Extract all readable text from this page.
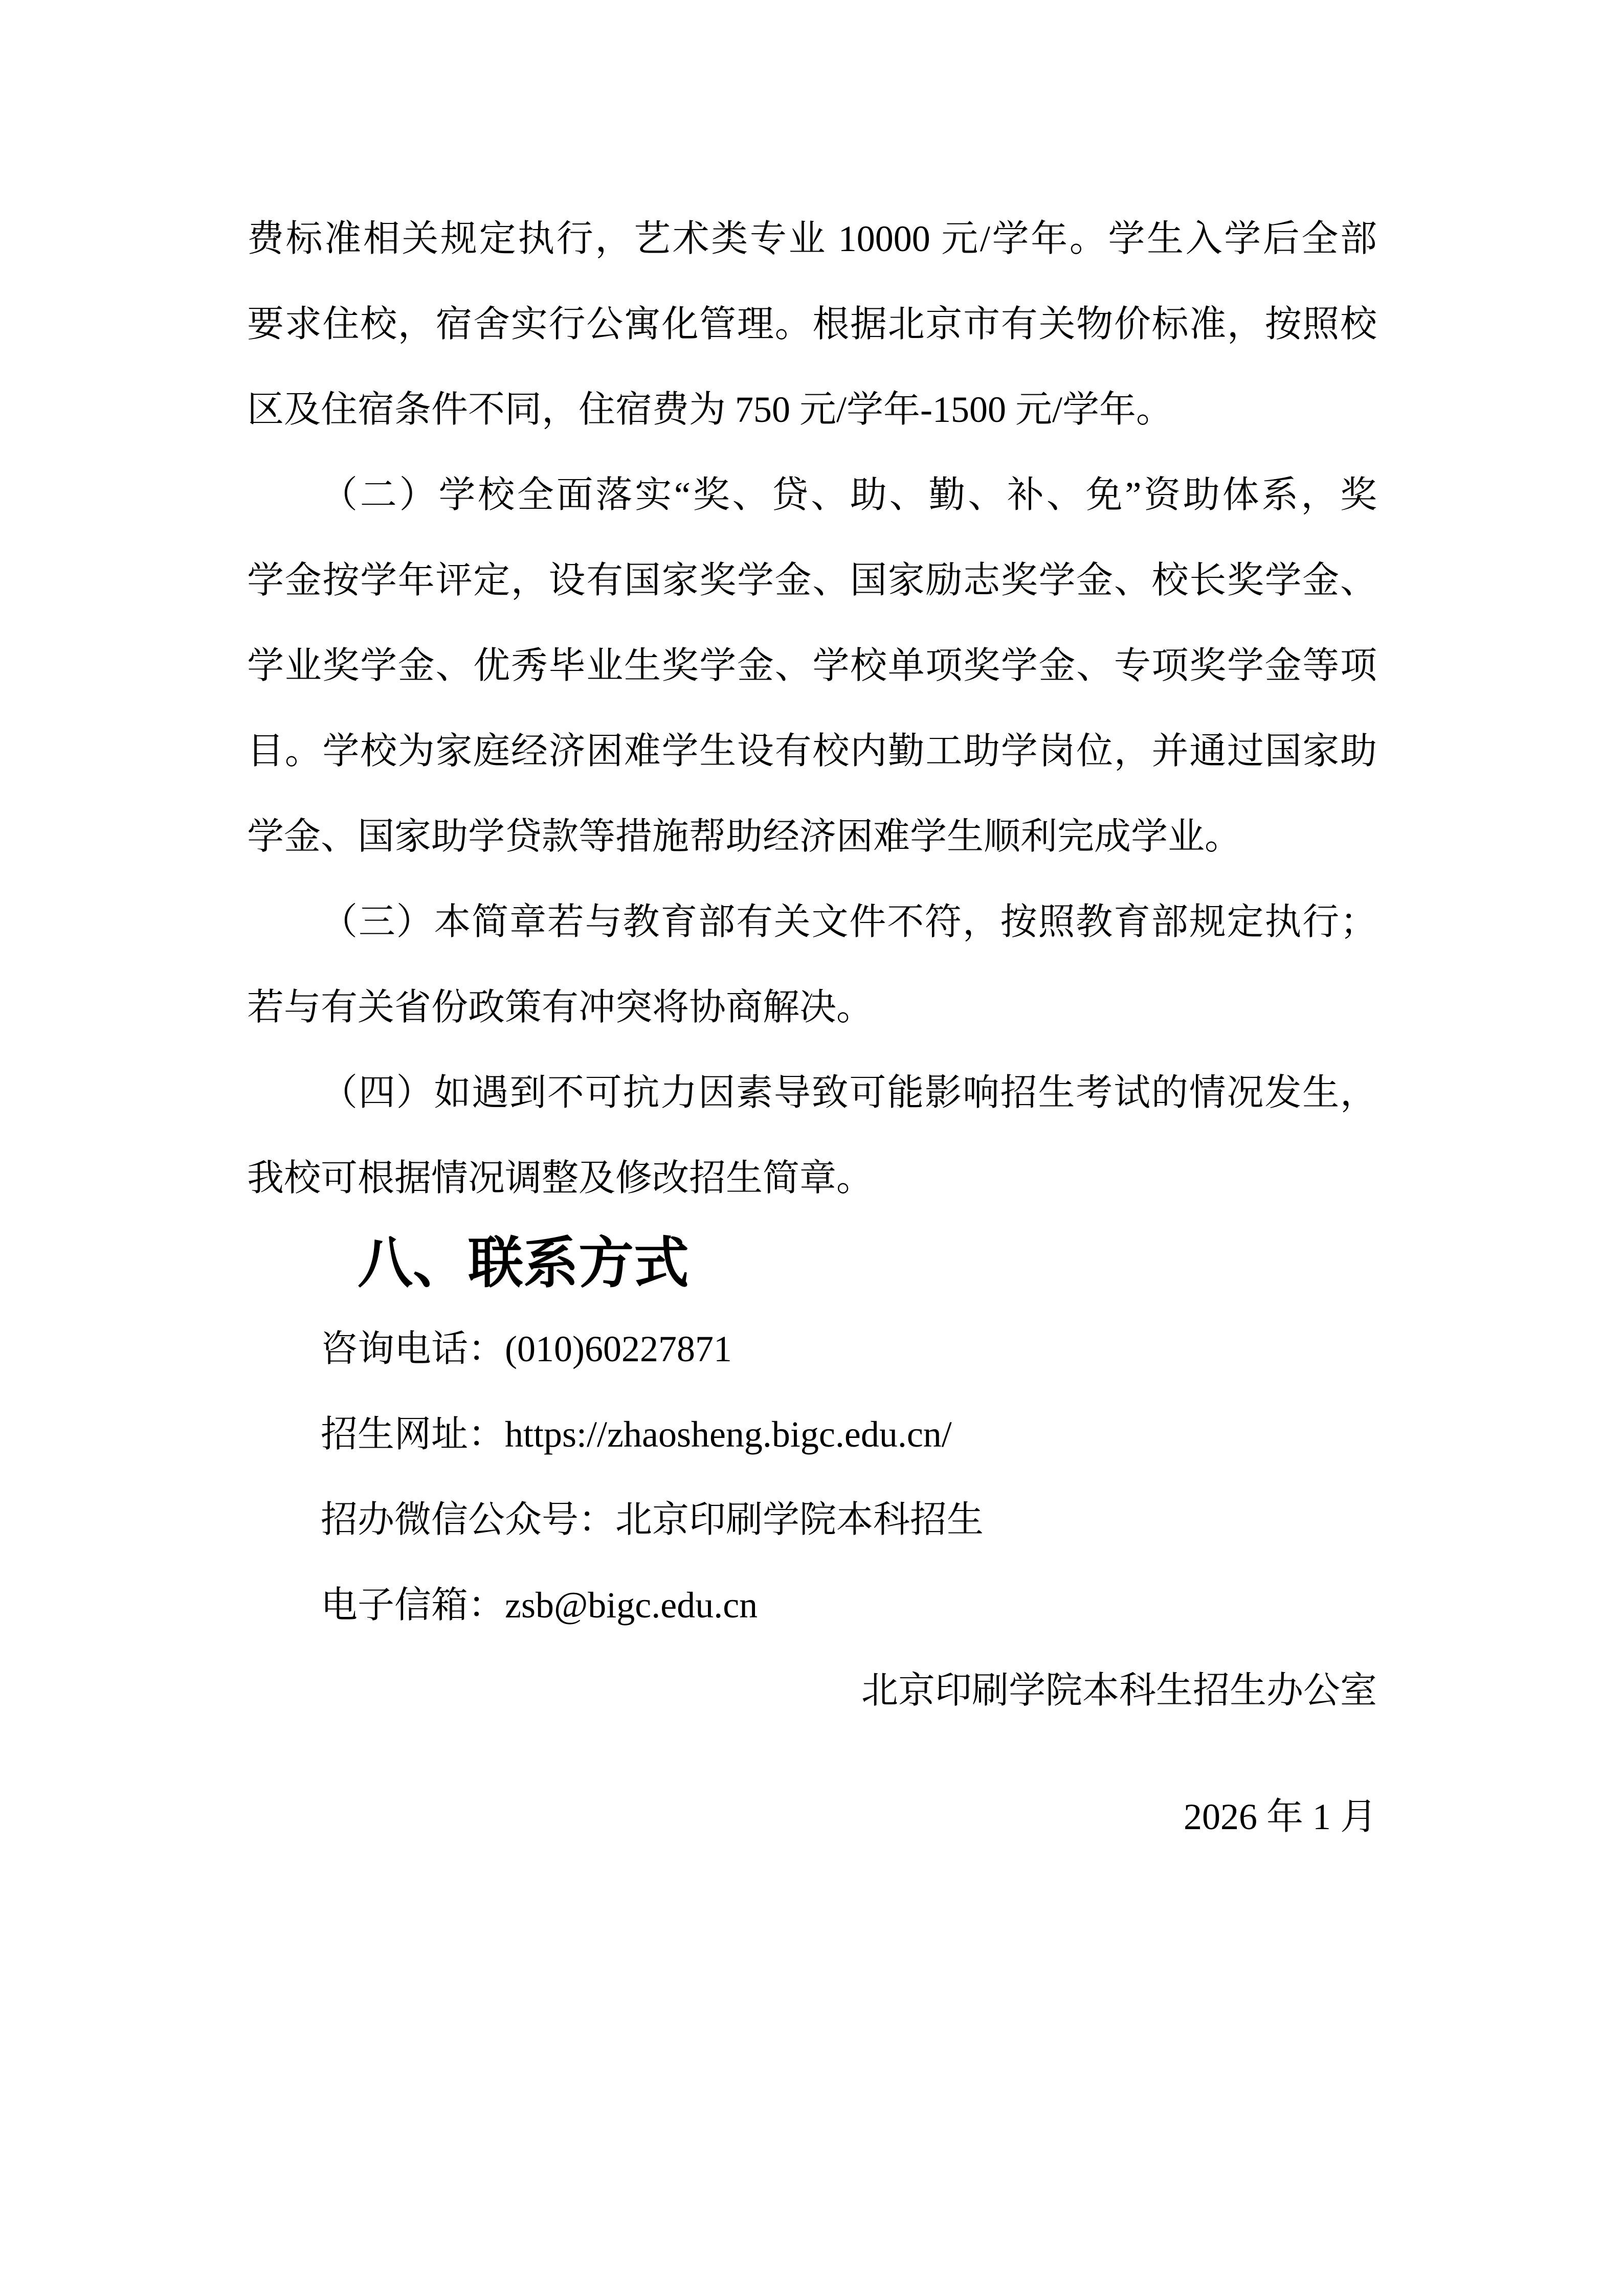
费标准相关规定执行，艺术类专业 10000 元/学年。学生入学后全部
要求住校，宿舍实行公寓化管理。根据北京市有关物价标准，按照校
区及住宿条件不同，住宿费为 750 元/学年-1500 元/学年。
（二）学校全面落实“奖、贷、助、勤、补、免”资助体系，奖
学金按学年评定，设有国家奖学金、国家励志奖学金、校长奖学金、
学业奖学金、优秀毕业生奖学金、学校单项奖学金、专项奖学金等项
目。学校为家庭经济困难学生设有校内勤工助学岗位，并通过国家助
学金、国家助学贷款等措施帮助经济困难学生顺利完成学业。
（三）本简章若与教育部有关文件不符，按照教育部规定执行；
若与有关省份政策有冲突将协商解决。
（四）如遇到不可抗力因素导致可能影响招生考试的情况发生，
我校可根据情况调整及修改招生简章。
八、联系方式
咨询电话：(010)60227871
招生网址：https://zhaosheng.bigc.edu.cn/
招办微信公众号：北京印刷学院本科招生
电子信箱：zsb@bigc.edu.cn
北京印刷学院本科生招生办公室
2026 年 1 月
